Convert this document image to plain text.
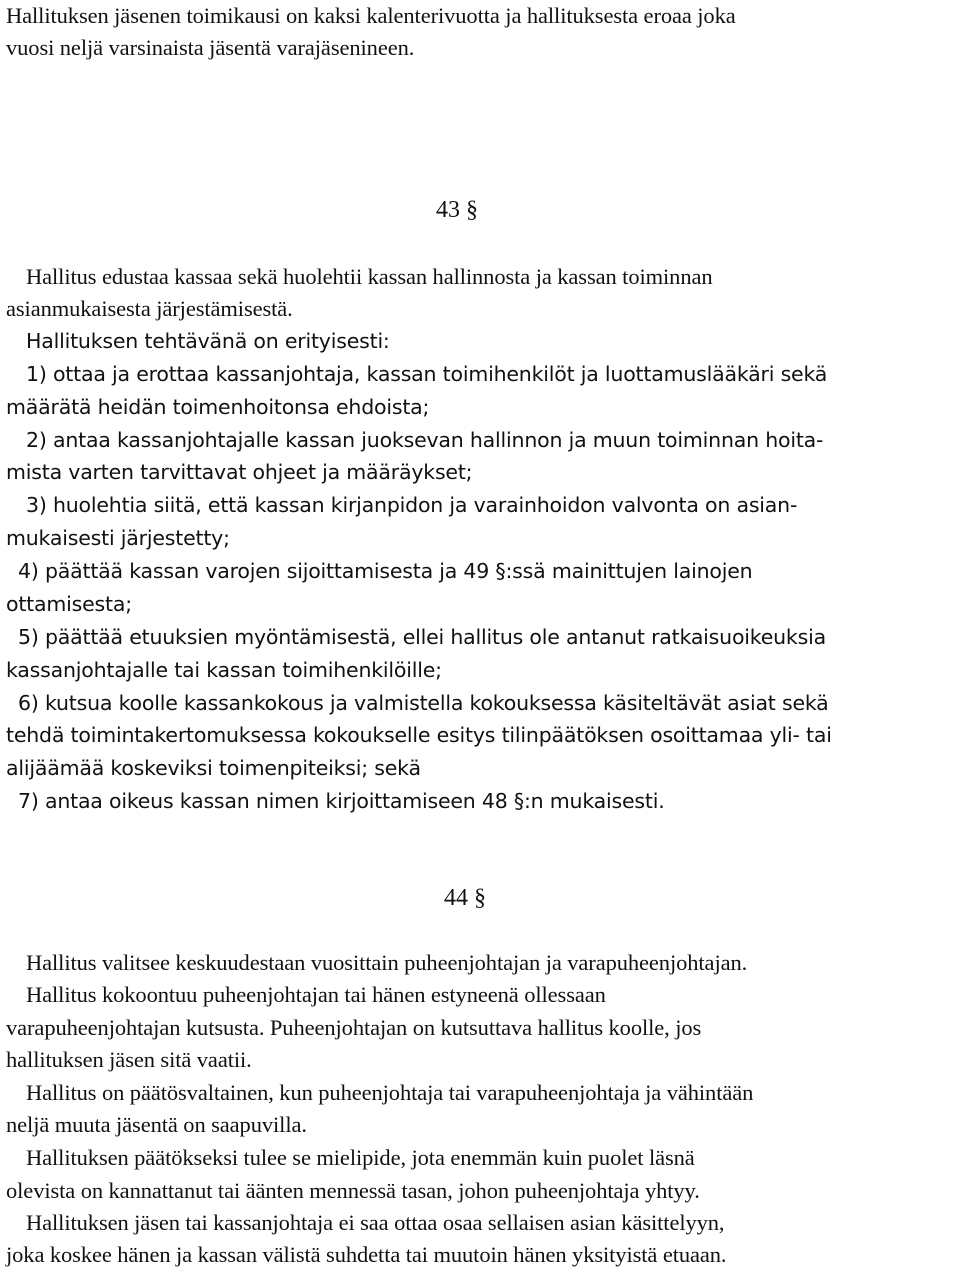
Hallituksen jäsenen toimikausi on kaksi kalenterivuotta ja hallituksesta eroaa joka

vuosi neljä varsinaista jäsentä varajäsenineen.

43 §

Hallitus edustaa kassaa sekä huolehtii kassan hallinnosta ja kassan toiminnan

asianmukaisesta järjestämisestä.

Hallituksen tehtävänä on erityisesti:

1) ottaa ja erottaa kassanjohtaja, kassan toimihenkilöt ja luottamuslääkäri sekä

määrätä heidän toimenhoitonsa ehdoista;

2) antaa kassanjohtajalle kassan juoksevan hallinnon ja muun toiminnan hoita-

mista varten tarvittavat ohjeet ja määräykset;

3) huolehtia siitä, että kassan kirjanpidon ja varainhoidon valvonta on asian-

mukaisesti järjestetty;

4) päättää kassan varojen sijoittamisesta ja 49 §:ssä mainittujen lainojen

ottamisesta;

5) päättää etuuksien myöntämisestä, ellei hallitus ole antanut ratkaisuoikeuksia

kassanjohtajalle tai kassan toimihenkilöille;

6) kutsua koolle kassankokous ja valmistella kokouksessa käsiteltävät asiat sekä

tehdä toimintakertomuksessa kokoukselle esitys tilinpäätöksen osoittamaa yli- tai

alijäämää koskeviksi toimenpiteiksi; sekä

7) antaa oikeus kassan nimen kirjoittamiseen 48 §:n mukaisesti.

44 §

Hallitus valitsee keskuudestaan vuosittain puheenjohtajan ja varapuheenjohtajan.

Hallitus kokoontuu puheenjohtajan tai hänen estyneenä ollessaan

varapuheenjohtajan kutsusta. Puheenjohtajan on kutsuttava hallitus koolle, jos

hallituksen jäsen sitä vaatii.

Hallitus on päätösvaltainen, kun puheenjohtaja tai varapuheenjohtaja ja vähintään

neljä muuta jäsentä on saapuvilla.

Hallituksen päätökseksi tulee se mielipide, jota enemmän kuin puolet läsnä

olevista on kannattanut tai äänten mennessä tasan, johon puheenjohtaja yhtyy.

Hallituksen jäsen tai kassanjohtaja ei saa ottaa osaa sellaisen asian käsittelyyn,

joka koskee hänen ja kassan välistä suhdetta tai muutoin hänen yksityistä etuaan.
